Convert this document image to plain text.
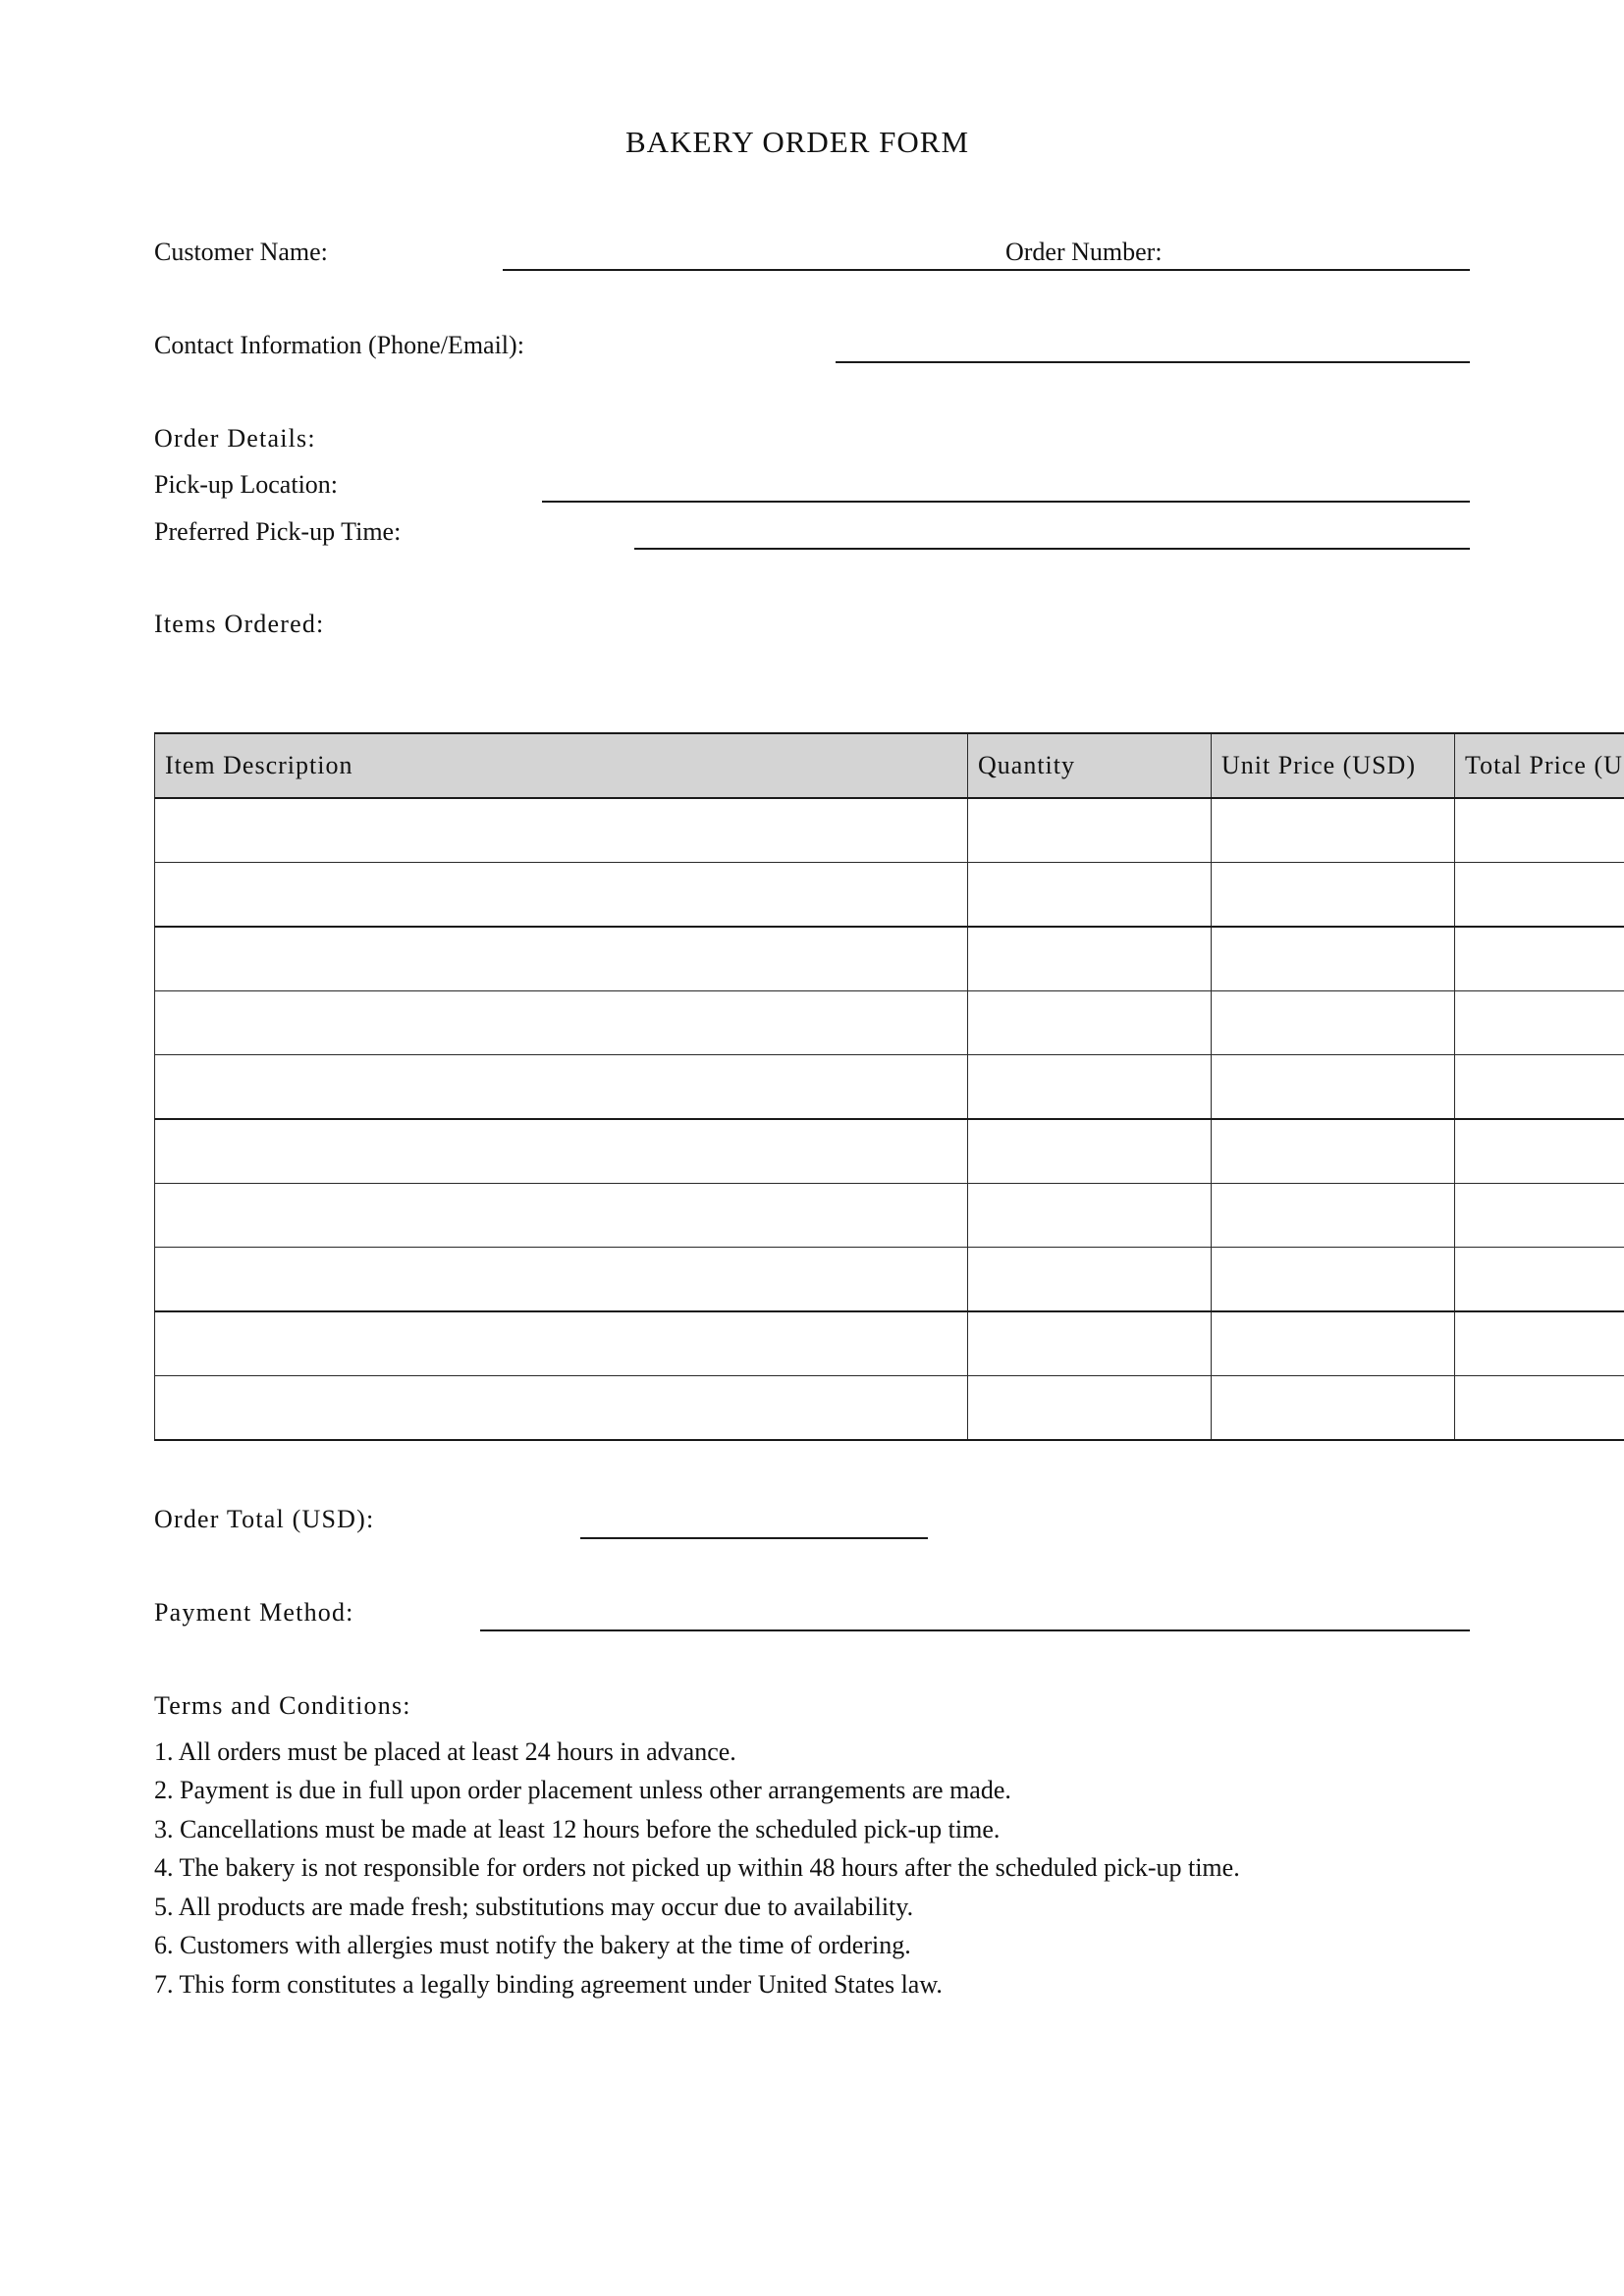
BAKERY ORDER FORM
Customer Name:	Order Number:
Contact Information (Phone/Email):
Order Details:
Pick-up Location:
Preferred Pick-up Time:
Items Ordered:
Item Description	Quantity	Unit Price (USD)	Total Price (U

Order Total (USD):
Payment Method:
Terms and Conditions:
1. All orders must be placed at least 24 hours in advance.
2. Payment is due in full upon order placement unless other arrangements are made.
3. Cancellations must be made at least 12 hours before the scheduled pick-up time.
4. The bakery is not responsible for orders not picked up within 48 hours after the scheduled pick-up time.
5. All products are made fresh; substitutions may occur due to availability.
6. Customers with allergies must notify the bakery at the time of ordering.
7. This form constitutes a legally binding agreement under United States law.
